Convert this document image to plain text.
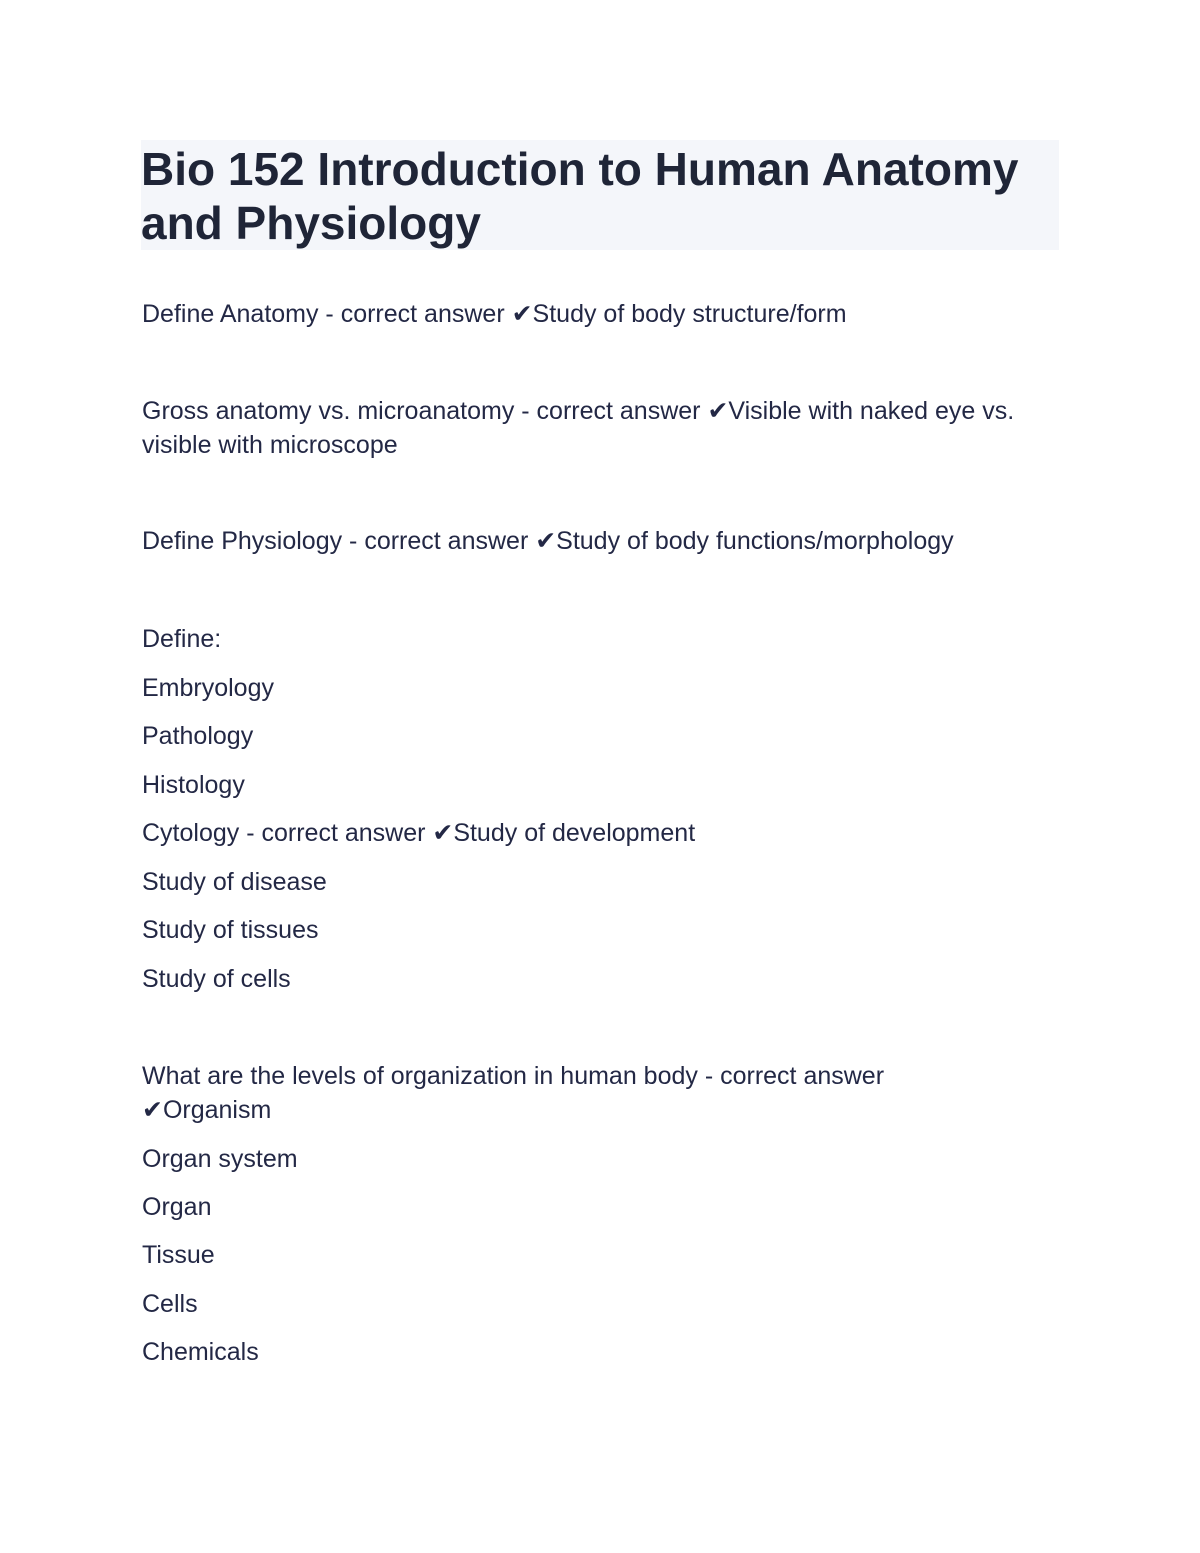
Bio 152 Introduction to Human Anatomy and Physiology

Define Anatomy - correct answer ✔Study of body structure/form

Gross anatomy vs. microanatomy - correct answer ✔Visible with naked eye vs. visible with microscope

Define Physiology - correct answer ✔Study of body functions/morphology

Define:

Embryology

Pathology

Histology

Cytology - correct answer ✔Study of development

Study of disease

Study of tissues

Study of cells

What are the levels of organization in human body - correct answer ✔Organism

Organ system

Organ

Tissue

Cells

Chemicals
